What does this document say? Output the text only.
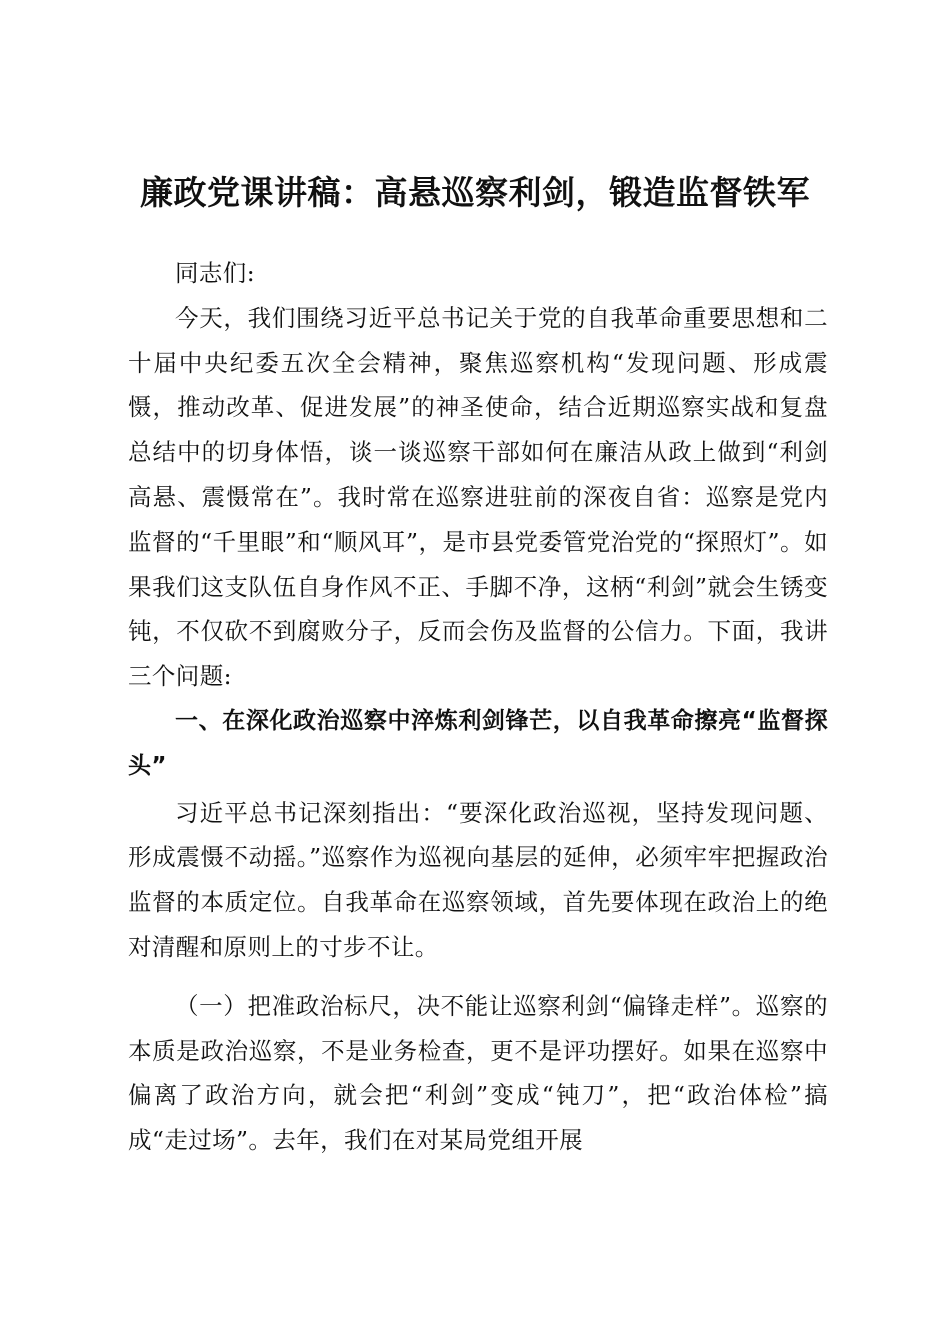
廉政党课讲稿：高悬巡察利剑，锻造监督铁军

同志们:

今天，我们围绕习近平总书记关于党的自我革命重要思想和二十届中央纪委五次全会精神，聚焦巡察机构“发现问题、形成震慑，推动改革、促进发展”的神圣使命，结合近期巡察实战和复盘总结中的切身体悟，谈一谈巡察干部如何在廉洁从政上做到“利剑高悬、震慑常在”。我时常在巡察进驻前的深夜自省：巡察是党内监督的“千里眼”和“顺风耳”，是市县党委管党治党的“探照灯”。如果我们这支队伍自身作风不正、手脚不净，这柄“利剑”就会生锈变钝，不仅砍不到腐败分子，反而会伤及监督的公信力。下面，我讲三个问题:

一、在深化政治巡察中淬炼利剑锋芒，以自我革命擦亮“监督探头”

习近平总书记深刻指出：“要深化政治巡视，坚持发现问题、形成震慑不动摇。”巡察作为巡视向基层的延伸，必须牢牢把握政治监督的本质定位。自我革命在巡察领域，首先要体现在政治上的绝对清醒和原则上的寸步不让。

（一）把准政治标尺，决不能让巡察利剑“偏锋走样”。巡察的本质是政治巡察，不是业务检查，更不是评功摆好。如果在巡察中偏离了政治方向，就会把“利剑”变成“钝刀”，把“政治体检”搞成“走过场”。去年，我们在对某局党组开展
